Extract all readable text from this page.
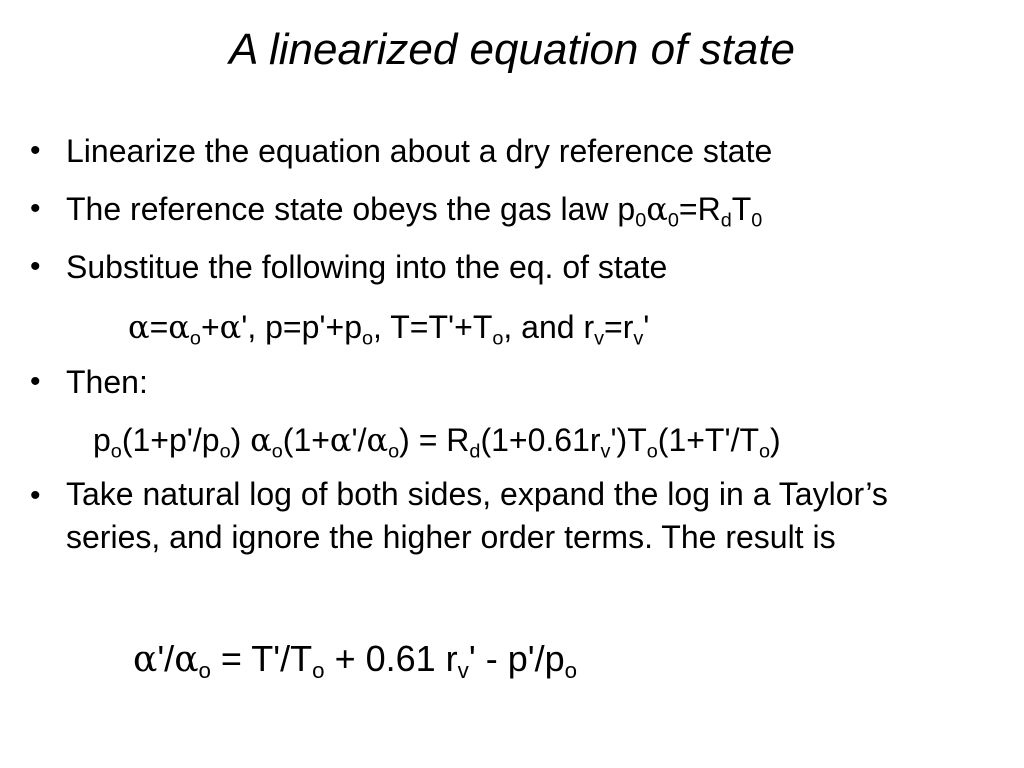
A linearized equation of state
• Linearize the equation about a dry reference state
• The reference state obeys the gas law $p_0\alpha_0=R_dT_0$
• Substitue the following into the eq. of state
$\alpha=\alpha_o+\alpha'$, $p=p'+p_o$, $T=T'+T_o$, and $r_v=r_v'$
• Then:
$p_o(1+p'/p_o) \alpha_o(1+\alpha'/\alpha_o) = R_d(1+0.61r_v')T_o(1+T'/T_o)$
• Take natural log of both sides, expand the log in a Taylor’s series, and ignore the higher order terms. The result is
$\alpha'/\alpha_o = T'/T_o + 0.61$ $r_v' - p'/p_o$
